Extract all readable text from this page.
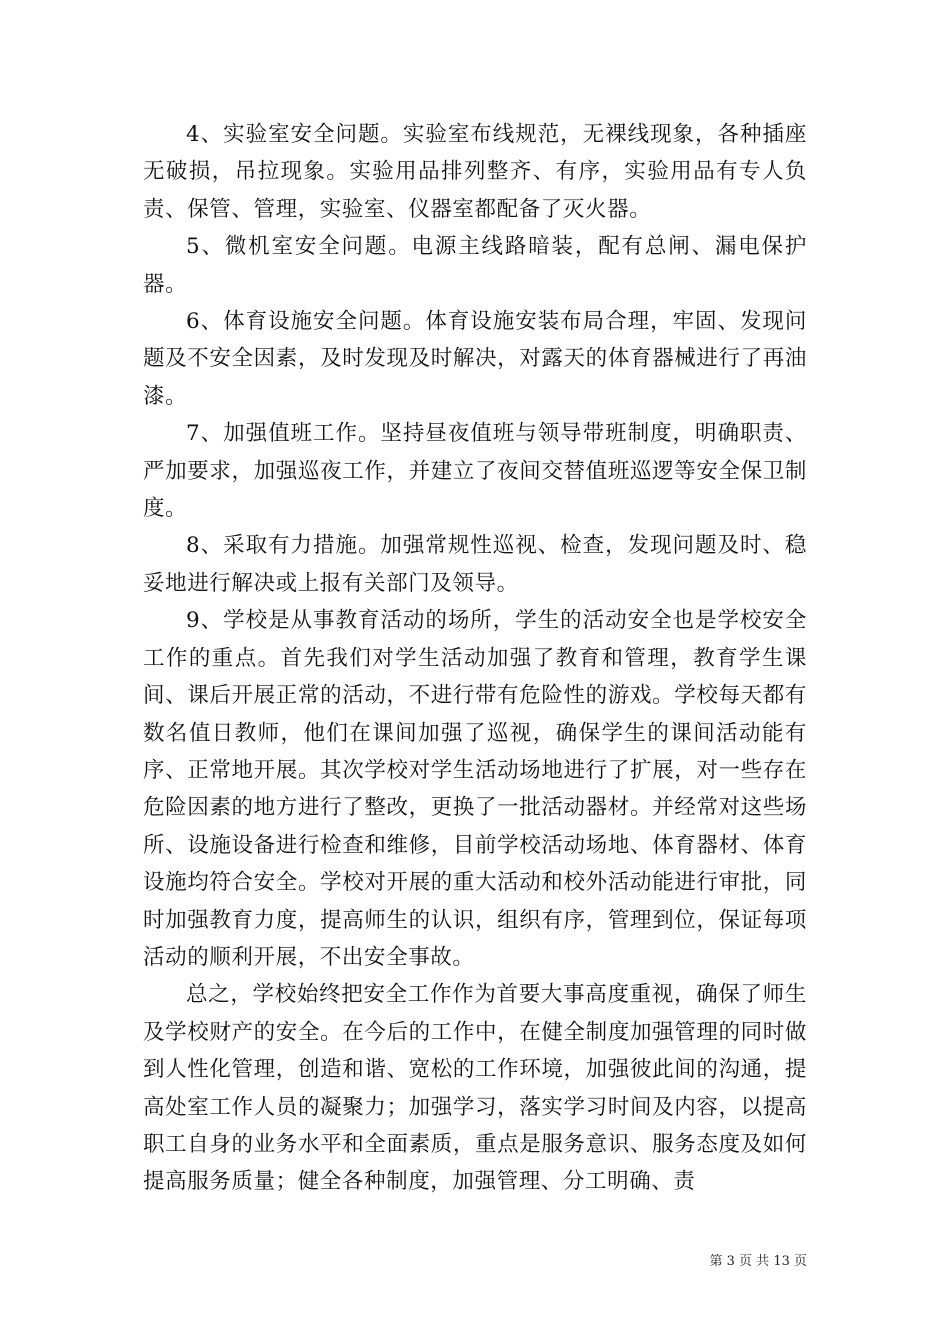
4、实验室安全问题。实验室布线规范，无裸线现象，各种插座无破损，吊拉现象。实验用品排列整齐、有序，实验用品有专人负责、保管、管理，实验室、仪器室都配备了灭火器。

5、微机室安全问题。电源主线路暗装，配有总闸、漏电保护器。

6、体育设施安全问题。体育设施安装布局合理，牢固、发现问题及不安全因素，及时发现及时解决，对露天的体育器械进行了再油漆。

7、加强值班工作。坚持昼夜值班与领导带班制度，明确职责、严加要求，加强巡夜工作，并建立了夜间交替值班巡逻等安全保卫制度。

8、采取有力措施。加强常规性巡视、检查，发现问题及时、稳妥地进行解决或上报有关部门及领导。

9、学校是从事教育活动的场所，学生的活动安全也是学校安全工作的重点。首先我们对学生活动加强了教育和管理，教育学生课间、课后开展正常的活动，不进行带有危险性的游戏。学校每天都有数名值日教师，他们在课间加强了巡视，确保学生的课间活动能有序、正常地开展。其次学校对学生活动场地进行了扩展，对一些存在危险因素的地方进行了整改，更换了一批活动器材。并经常对这些场所、设施设备进行检查和维修，目前学校活动场地、体育器材、体育设施均符合安全。学校对开展的重大活动和校外活动能进行审批，同时加强教育力度，提高师生的认识，组织有序，管理到位，保证每项活动的顺利开展，不出安全事故。

总之，学校始终把安全工作作为首要大事高度重视，确保了师生及学校财产的安全。在今后的工作中，在健全制度加强管理的同时做到人性化管理，创造和谐、宽松的工作环境，加强彼此间的沟通，提高处室工作人员的凝聚力；加强学习，落实学习时间及内容，以提高职工自身的业务水平和全面素质，重点是服务意识、服务态度及如何提高服务质量；健全各种制度，加强管理、分工明确、责

第 3 页 共 13 页
